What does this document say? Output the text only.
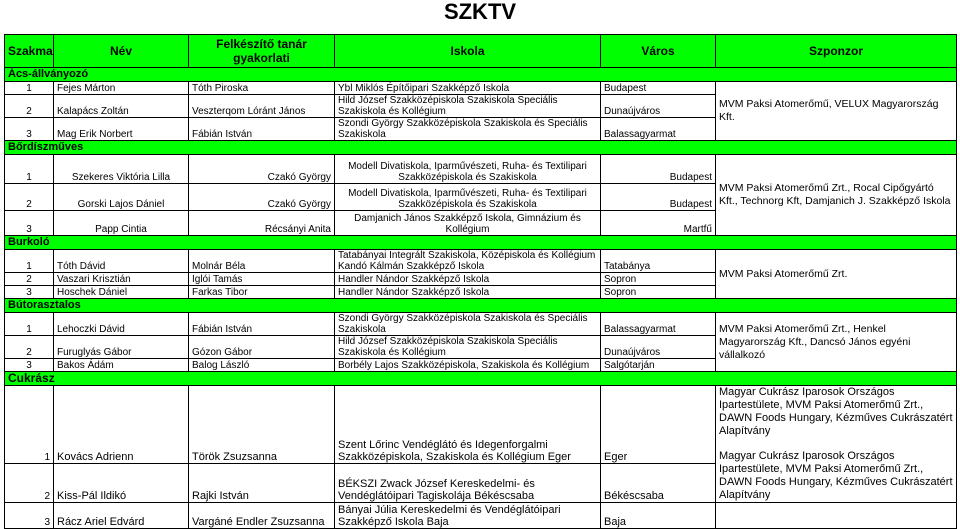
SZKTV
Szakma	Név	Felkészítő tanár gyakorlati	Iskola	Város	Szponzor
Ács-állványozó					
1	Fejes Márton	Tóth Piroska	Ybl Miklós Építőipari Szakképző Iskola	Budapest	MVM Paksi Atomerőmű, VELUX Magyarország Kft.
2	Kalapács Zoltán	Veszterqom Lóránt János	Hild József Szakközépiskola Szakiskola Speciális Szakiskola és Kollégium	Dunaújváros	
3	Mag Erik Norbert	Fábián István	Szondi György Szakközépiskola Szakiskola és Speciális Szakiskola	Balassagyarmat	
Bőrdíszműves					
1	Szekeres Viktória Lilla	Czakó György	Modell Divatiskola, Iparművészeti, Ruha- és Textilipari Szakközépiskola és Szakiskola	Budapest	MVM Paksi Atomerőmű Zrt., Rocal Cipőgyártó Kft., Technorg Kft, Damjanich J. Szakképző Iskola
2	Gorski Lajos Dániel	Czakó György	Modell Divatiskola, Iparművészeti, Ruha- és Textilipari Szakközépiskola és Szakiskola	Budapest	
3	Papp Cintia	Récsányi Anita	Damjanich János Szakképző Iskola, Gimnázium és Kollégium	Martfű	
Burkoló					
1	Tóth Dávid	Molnár Béla	Tatabányai Integrált Szakiskola, Középiskola és Kollégium Kandó Kálmán Szakképző Iskola	Tatabánya	MVM Paksi Atomerőmű Zrt.
2	Vaszari Krisztián	Iglói Tamás	Handler Nándor Szakképző Iskola	Sopron	
3	Hoschek Dániel	Farkas Tibor	Handler Nándor Szakképző Iskola	Sopron	
Bútorasztalos					
1	Lehoczki Dávid	Fábián István	Szondi György Szakközépiskola Szakiskola és Speciális Szakiskola	Balassagyarmat	MVM Paksi Atomerőmű Zrt., Henkel Magyarország Kft., Dancsó János egyéni vállalkozó
2	Furuglyás Gábor	Gózon Gábor	Hild József Szakközépiskola Szakiskola Speciális Szakiskola és Kollégium	Dunaújváros	
3	Bakos Ádám	Balog László	Borbély Lajos Szakközépiskola, Szakiskola és Kollégium	Salgótarján	
Cukrász					
1	Kovács Adrienn	Török Zsuzsanna	Szent Lőrinc Vendéglátó és Idegenforgalmi Szakközépiskola, Szakiskola és Kollégium Eger	Eger	Magyar Cukrász Iparosok Országos Ipartestülete, MVM Paksi Atomerőmű Zrt., DAWN Foods Hungary, Kézműves Cukrászatért Alapítvány
Magyar Cukrász Iparosok Országos Ipartestülete, MVM Paksi Atomerőmű Zrt., DAWN Foods Hungary, Kézműves Cukrászatért Alapítvány

2	Kiss-Pál Ildikó	Rajki István	BÉKSZI Zwack József Kereskedelmi- és Vendéglátóipari Tagiskolája Békéscsaba	Békéscsaba	
3	Rácz Ariel Edvárd	Vargáné Endler Zsuzsanna	Bányai Júlia Kereskedelmi és Vendéglátóipari Szakképző Iskola Baja	Baja	
